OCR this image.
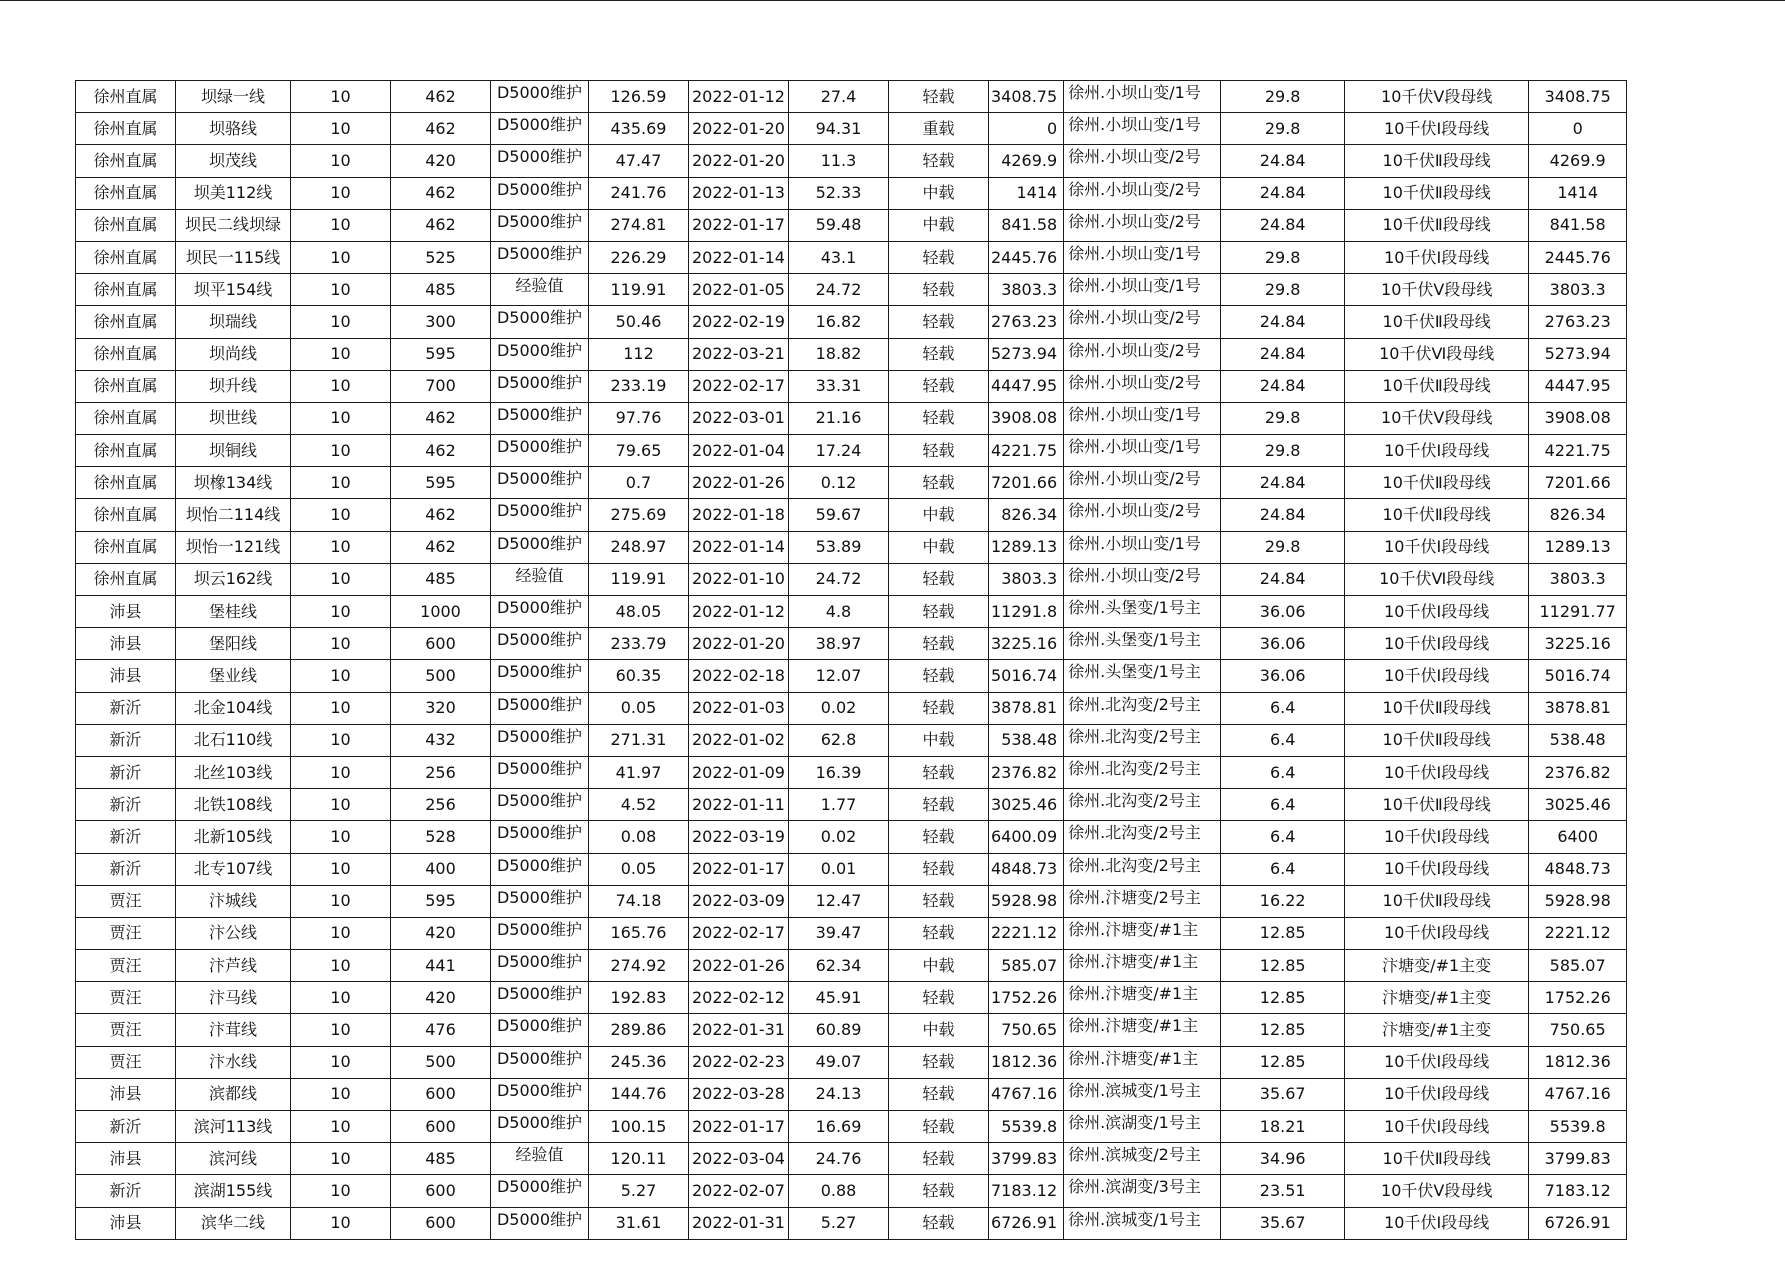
徐州直属	坝绿一线	10	462	D5000维护	126.59	2022-01-12	27.4	轻载	3408.75	徐州.小坝山变/1号	29.8	10千伏Ⅴ段母线	3408.75
徐州直属	坝骆线	10	462	D5000维护	435.69	2022-01-20	94.31	重载	0	徐州.小坝山变/1号	29.8	10千伏Ⅰ段母线	0
徐州直属	坝茂线	10	420	D5000维护	47.47	2022-01-20	11.3	轻载	4269.9	徐州.小坝山变/2号	24.84	10千伏Ⅱ段母线	4269.9
徐州直属	坝美112线	10	462	D5000维护	241.76	2022-01-13	52.33	中载	1414	徐州.小坝山变/2号	24.84	10千伏Ⅱ段母线	1414
徐州直属	坝民二线坝绿	10	462	D5000维护	274.81	2022-01-17	59.48	中载	841.58	徐州.小坝山变/2号	24.84	10千伏Ⅱ段母线	841.58
徐州直属	坝民一115线	10	525	D5000维护	226.29	2022-01-14	43.1	轻载	2445.76	徐州.小坝山变/1号	29.8	10千伏Ⅰ段母线	2445.76
徐州直属	坝平154线	10	485	经验值	119.91	2022-01-05	24.72	轻载	3803.3	徐州.小坝山变/1号	29.8	10千伏Ⅴ段母线	3803.3
徐州直属	坝瑞线	10	300	D5000维护	50.46	2022-02-19	16.82	轻载	2763.23	徐州.小坝山变/2号	24.84	10千伏Ⅱ段母线	2763.23
徐州直属	坝尚线	10	595	D5000维护	112	2022-03-21	18.82	轻载	5273.94	徐州.小坝山变/2号	24.84	10千伏Ⅵ段母线	5273.94
徐州直属	坝升线	10	700	D5000维护	233.19	2022-02-17	33.31	轻载	4447.95	徐州.小坝山变/2号	24.84	10千伏Ⅱ段母线	4447.95
徐州直属	坝世线	10	462	D5000维护	97.76	2022-03-01	21.16	轻载	3908.08	徐州.小坝山变/1号	29.8	10千伏Ⅴ段母线	3908.08
徐州直属	坝铜线	10	462	D5000维护	79.65	2022-01-04	17.24	轻载	4221.75	徐州.小坝山变/1号	29.8	10千伏Ⅰ段母线	4221.75
徐州直属	坝橡134线	10	595	D5000维护	0.7	2022-01-26	0.12	轻载	7201.66	徐州.小坝山变/2号	24.84	10千伏Ⅱ段母线	7201.66
徐州直属	坝怡二114线	10	462	D5000维护	275.69	2022-01-18	59.67	中载	826.34	徐州.小坝山变/2号	24.84	10千伏Ⅱ段母线	826.34
徐州直属	坝怡一121线	10	462	D5000维护	248.97	2022-01-14	53.89	中载	1289.13	徐州.小坝山变/1号	29.8	10千伏Ⅰ段母线	1289.13
徐州直属	坝云162线	10	485	经验值	119.91	2022-01-10	24.72	轻载	3803.3	徐州.小坝山变/2号	24.84	10千伏Ⅵ段母线	3803.3
沛县	堡桂线	10	1000	D5000维护	48.05	2022-01-12	4.8	轻载	11291.8	徐州.头堡变/1号主	36.06	10千伏Ⅰ段母线	11291.77
沛县	堡阳线	10	600	D5000维护	233.79	2022-01-20	38.97	轻载	3225.16	徐州.头堡变/1号主	36.06	10千伏Ⅰ段母线	3225.16
沛县	堡业线	10	500	D5000维护	60.35	2022-02-18	12.07	轻载	5016.74	徐州.头堡变/1号主	36.06	10千伏Ⅰ段母线	5016.74
新沂	北金104线	10	320	D5000维护	0.05	2022-01-03	0.02	轻载	3878.81	徐州.北沟变/2号主	6.4	10千伏Ⅱ段母线	3878.81
新沂	北石110线	10	432	D5000维护	271.31	2022-01-02	62.8	中载	538.48	徐州.北沟变/2号主	6.4	10千伏Ⅱ段母线	538.48
新沂	北丝103线	10	256	D5000维护	41.97	2022-01-09	16.39	轻载	2376.82	徐州.北沟变/2号主	6.4	10千伏Ⅰ段母线	2376.82
新沂	北铁108线	10	256	D5000维护	4.52	2022-01-11	1.77	轻载	3025.46	徐州.北沟变/2号主	6.4	10千伏Ⅱ段母线	3025.46
新沂	北新105线	10	528	D5000维护	0.08	2022-03-19	0.02	轻载	6400.09	徐州.北沟变/2号主	6.4	10千伏Ⅰ段母线	6400
新沂	北专107线	10	400	D5000维护	0.05	2022-01-17	0.01	轻载	4848.73	徐州.北沟变/2号主	6.4	10千伏Ⅰ段母线	4848.73
贾汪	汴城线	10	595	D5000维护	74.18	2022-03-09	12.47	轻载	5928.98	徐州.汴塘变/2号主	16.22	10千伏Ⅱ段母线	5928.98
贾汪	汴公线	10	420	D5000维护	165.76	2022-02-17	39.47	轻载	2221.12	徐州.汴塘变/#1主	12.85	10千伏Ⅰ段母线	2221.12
贾汪	汴芦线	10	441	D5000维护	274.92	2022-01-26	62.34	中载	585.07	徐州.汴塘变/#1主	12.85	汴塘变/#1主变	585.07
贾汪	汴马线	10	420	D5000维护	192.83	2022-02-12	45.91	轻载	1752.26	徐州.汴塘变/#1主	12.85	汴塘变/#1主变	1752.26
贾汪	汴茸线	10	476	D5000维护	289.86	2022-01-31	60.89	中载	750.65	徐州.汴塘变/#1主	12.85	汴塘变/#1主变	750.65
贾汪	汴水线	10	500	D5000维护	245.36	2022-02-23	49.07	轻载	1812.36	徐州.汴塘变/#1主	12.85	10千伏Ⅰ段母线	1812.36
沛县	滨都线	10	600	D5000维护	144.76	2022-03-28	24.13	轻载	4767.16	徐州.滨城变/1号主	35.67	10千伏Ⅰ段母线	4767.16
新沂	滨河113线	10	600	D5000维护	100.15	2022-01-17	16.69	轻载	5539.8	徐州.滨湖变/1号主	18.21	10千伏Ⅰ段母线	5539.8
沛县	滨河线	10	485	经验值	120.11	2022-03-04	24.76	轻载	3799.83	徐州.滨城变/2号主	34.96	10千伏Ⅱ段母线	3799.83
新沂	滨湖155线	10	600	D5000维护	5.27	2022-02-07	0.88	轻载	7183.12	徐州.滨湖变/3号主	23.51	10千伏Ⅴ段母线	7183.12
沛县	滨华二线	10	600	D5000维护	31.61	2022-01-31	5.27	轻载	6726.91	徐州.滨城变/1号主	35.67	10千伏Ⅰ段母线	6726.91
